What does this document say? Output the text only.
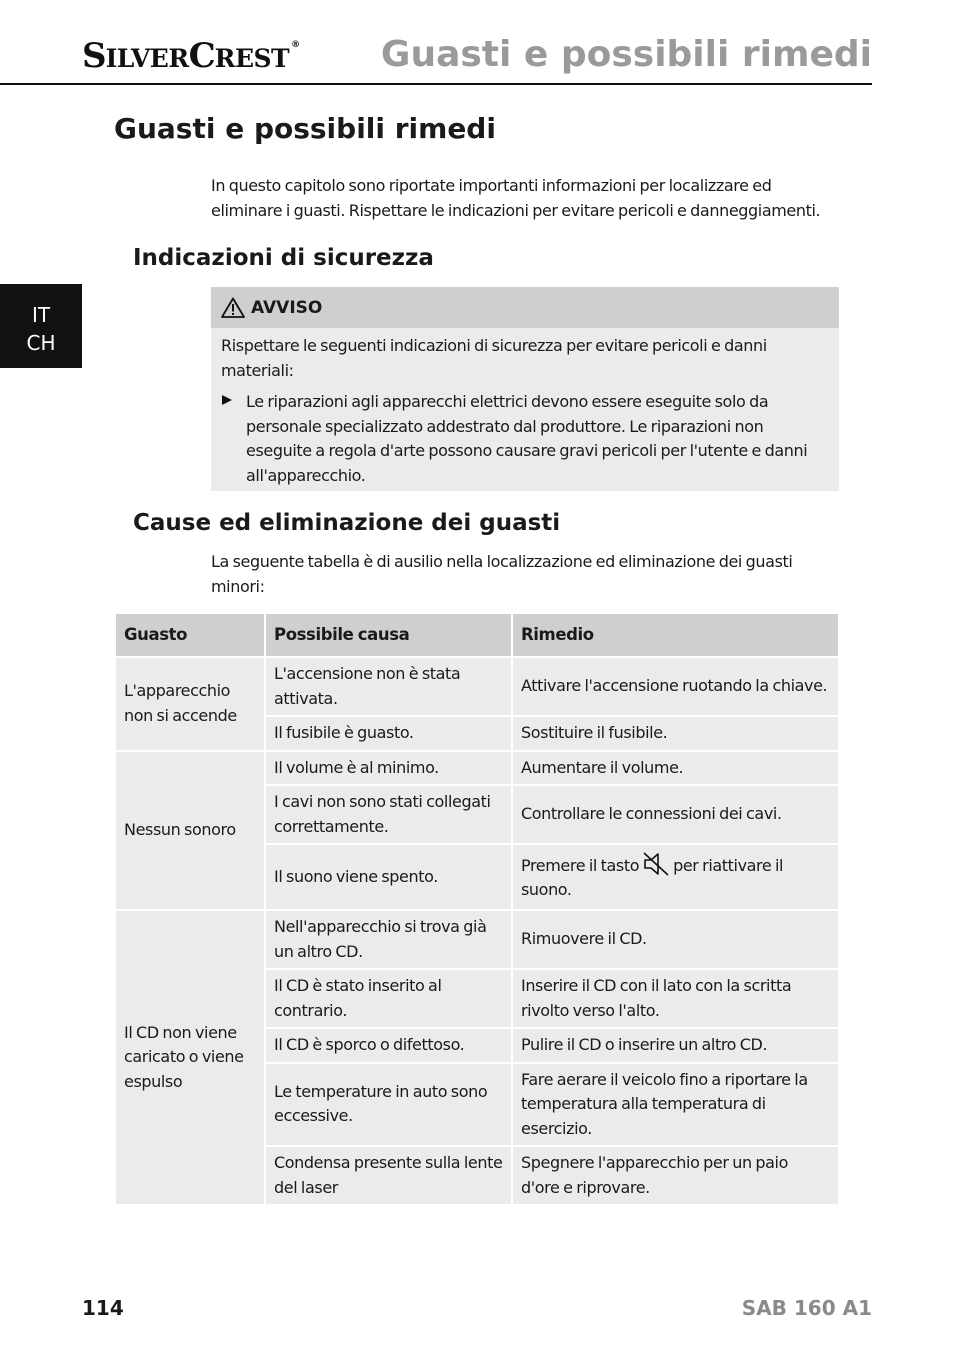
SILVERCREST ® Guasti e possibili rimedi
IT
CH
Guasti e possibili rimedi
In questo capitolo sono riportate importanti informazioni per localizzare ed eliminare i guasti. Rispettare le indicazioni per evitare pericoli e danneggiamenti.
Indicazioni di sicurezza
AVVISO
Rispettare le seguenti indicazioni di sicurezza per evitare pericoli e danni materiali:
Le riparazioni agli apparecchi elettrici devono essere eseguite solo da personale specializzato addestrato dal produttore. Le riparazioni non eseguite a regola d'arte possono causare gravi pericoli per l'utente e danni all'apparecchio.
Cause ed eliminazione dei guasti
La seguente tabella è di ausilio nella localizzazione ed eliminazione dei guasti minori:
Guasto	Possibile causa	Rimedio
L'apparecchio non si accende	L'accensione non è stata attivata.	Attivare l'accensione ruotando la chiave.
	Il fusibile è guasto.	Sostituire il fusibile.
Nessun sonoro	Il volume è al minimo.	Aumentare il volume.
	I cavi non sono stati collegati correttamente.	Controllare le connessioni dei cavi.
	Il suono viene spento.	Premere il tasto per riattivare il suono.
Il CD non viene caricato o viene espulso	Nell'apparecchio si trova già un altro CD.	Rimuovere il CD.
	Il CD è stato inserito al contrario.	Inserire il CD con il lato con la scritta rivolto verso l'alto.
	Il CD è sporco o difettoso.	Pulire il CD o inserire un altro CD.
	Le temperature in auto sono eccessive.	Fare aerare il veicolo fino a riportare la temperatura alla temperatura di esercizio.
	Condensa presente sulla lente del laser	Spegnere l'apparecchio per un paio d'ore e riprovare.
114	SAB 160 A1
